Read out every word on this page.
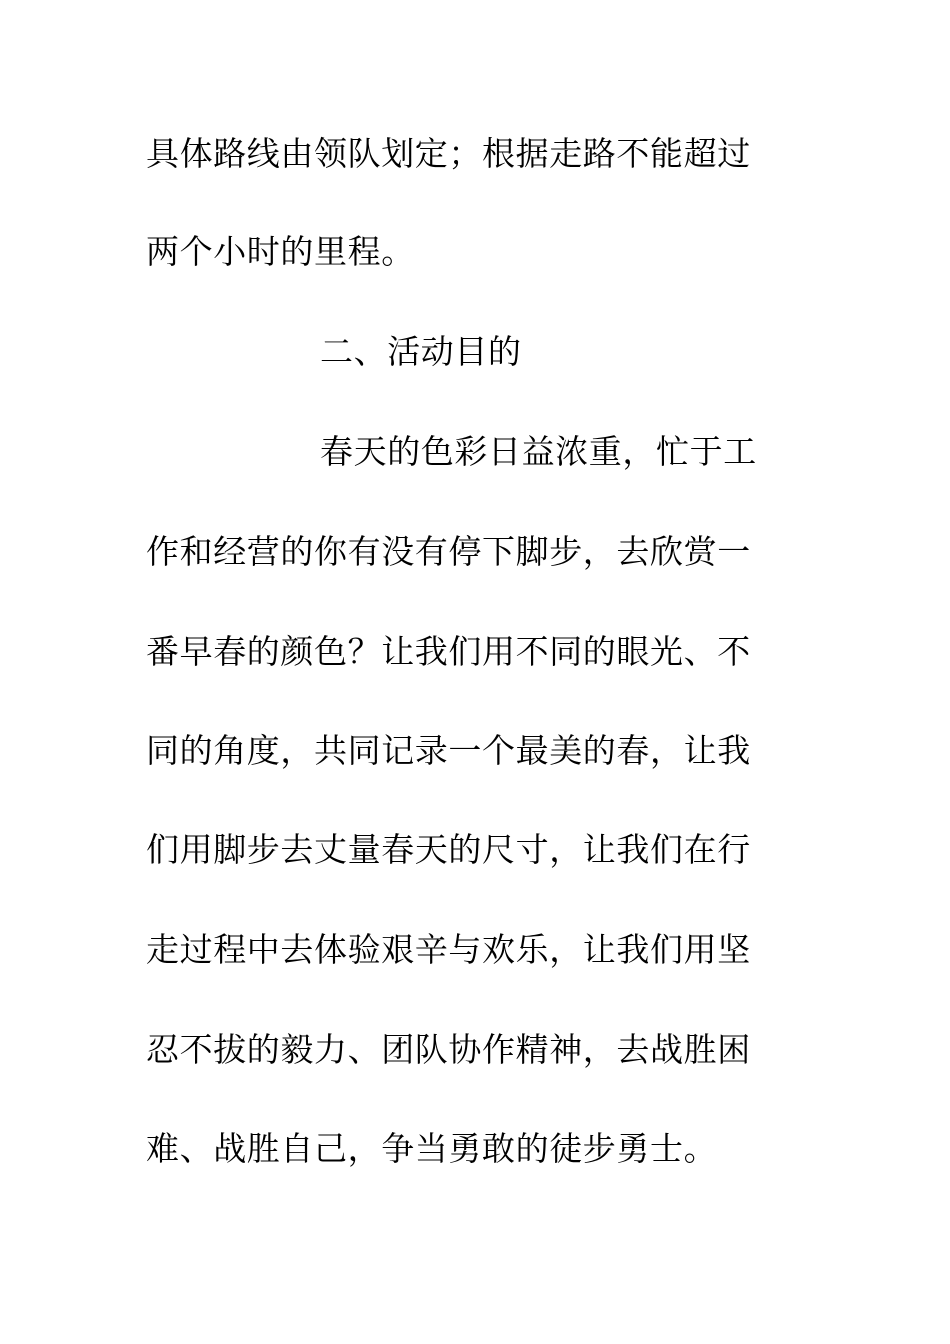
具体路线由领队划定；根据走路不能超过
两个小时的里程。
二、活动目的
春天的色彩日益浓重，忙于工
作和经营的你有没有停下脚步，去欣赏一
番早春的颜色？让我们用不同的眼光、不
同的角度，共同记录一个最美的春，让我
们用脚步去丈量春天的尺寸，让我们在行
走过程中去体验艰辛与欢乐，让我们用坚
忍不拔的毅力、团队协作精神，去战胜困
难、战胜自己，争当勇敢的徒步勇士。
